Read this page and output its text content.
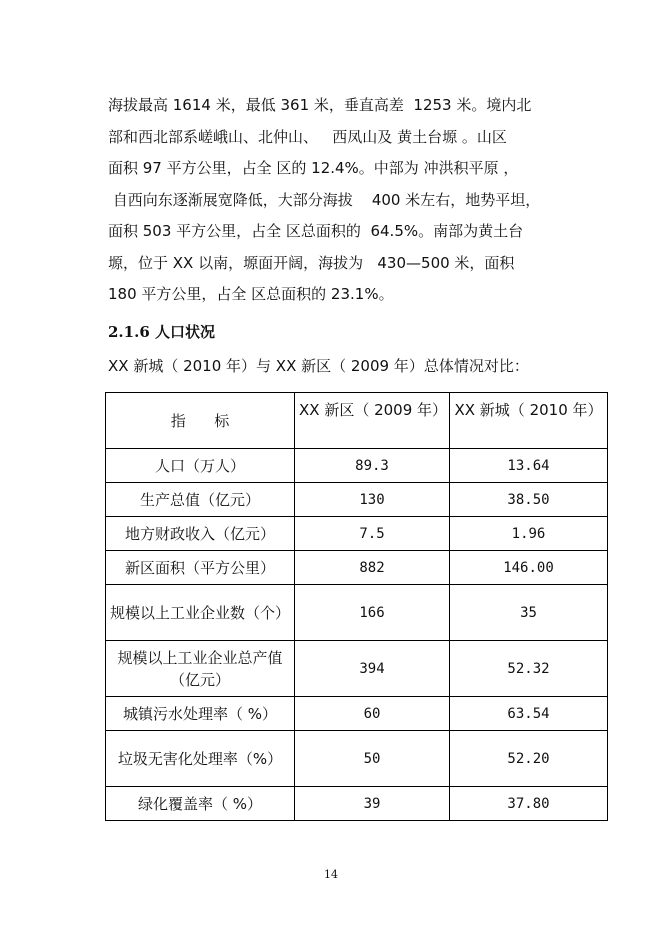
海拔最高 1614 米，最低 361 米，垂直高差  1253 米。境内北
部和西北部系嵯峨山、北仲山、   西凤山及 黄土台塬 。山区
面积 97 平方公里，占全 区的 12.4%。中部为 冲洪积平原 ，
自西向东逐渐展宽降低，大部分海拔    400 米左右，地势平坦，
面积 503 平方公里，占全 区总面积的  64.5%。南部为黄土台
塬，位于 XX 以南，塬面开阔，海拔为   430—500 米，面积
180 平方公里，占全 区总面积的 23.1%。
2.1.6 人口状况
XX 新城（ 2010 年）与 XX 新区（ 2009 年）总体情况对比：
指      标	XX 新区（ 2009 年）	XX 新城（ 2010 年）
人口（万人）	89.3	13.64
生产总值（亿元）	130	38.50
地方财政收入（亿元）	7.5	1.96
新区面积（平方公里）	882	146.00
规模以上工业企业数（个）	166	35
规模以上工业企业总产值（亿元）	394	52.32
城镇污水处理率（ %）	60	63.54
垃圾无害化处理率（%）	50	52.20
绿化覆盖率（ %）	39	37.80
14
